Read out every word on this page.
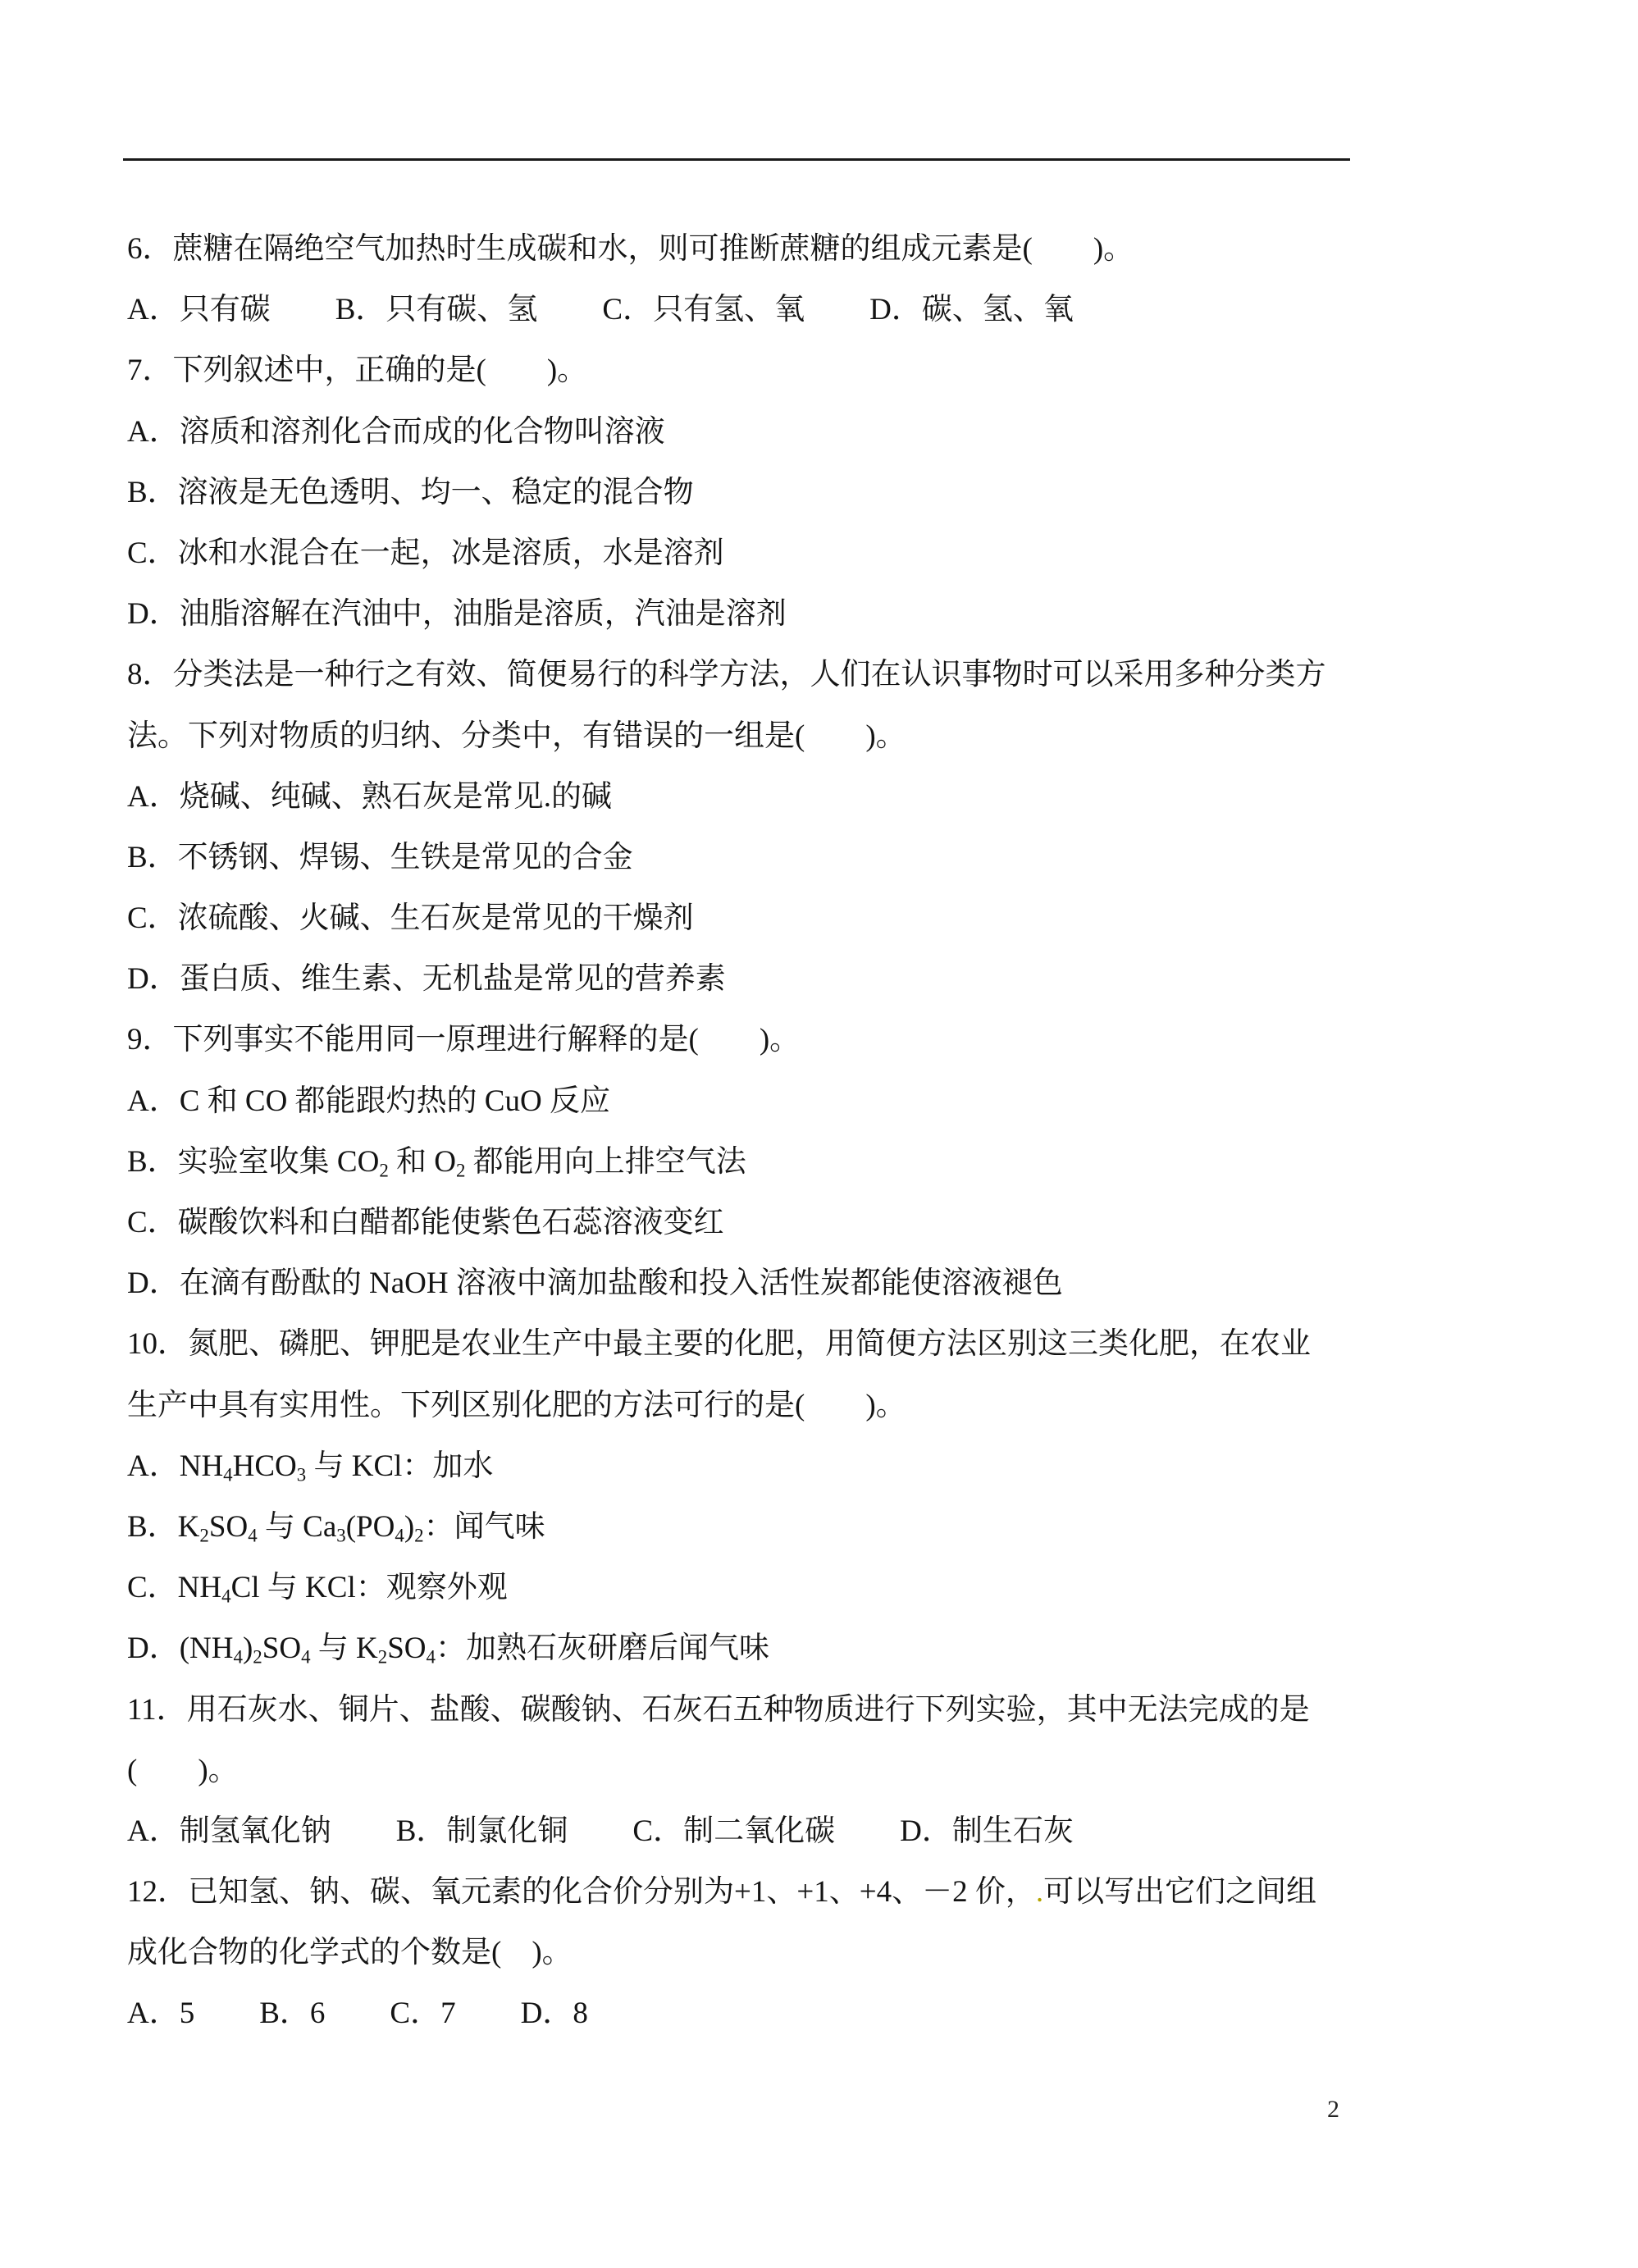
6．蔗糖在隔绝空气加热时生成碳和水，则可推断蔗糖的组成元素是(　　)。
A．只有碳 B．只有碳、氢 C．只有氢、氧 D．碳、氢、氧
7．下列叙述中，正确的是(　　)。
A．溶质和溶剂化合而成的化合物叫溶液
B．溶液是无色透明、均一、稳定的混合物
C．冰和水混合在一起，冰是溶质，水是溶剂
D．油脂溶解在汽油中，油脂是溶质，汽油是溶剂
8．分类法是一种行之有效、简便易行的科学方法，人们在认识事物时可以采用多种分类方
法。下列对物质的归纳、分类中，有错误的一组是(　　)。
A．烧碱、纯碱、熟石灰是常见.的碱
B．不锈钢、焊锡、生铁是常见的合金
C．浓硫酸、火碱、生石灰是常见的干燥剂
D．蛋白质、维生素、无机盐是常见的营养素
9．下列事实不能用同一原理进行解释的是(　　)。
A．C 和 CO 都能跟灼热的 CuO 反应
B．实验室收集 $CO_2$ 和 $O_2$ 都能用向上排空气法
C．碳酸饮料和白醋都能使紫色石蕊溶液变红
D．在滴有酚酞的 NaOH 溶液中滴加盐酸和投入活性炭都能使溶液褪色
10．氮肥、磷肥、钾肥是农业生产中最主要的化肥，用简便方法区别这三类化肥，在农业
生产中具有实用性。下列区别化肥的方法可行的是(　　)。
A．$NH_4HCO_3$ 与 KCl：加水
B．$K_2SO_4$ 与 $Ca_3(PO_4)_2$：闻气味
C．$NH_4Cl$ 与 KCl：观察外观
D．$(NH_4)_2SO_4$ 与 $K_2SO_4$：加熟石灰研磨后闻气味
11．用石灰水、铜片、盐酸、碳酸钠、石灰石五种物质进行下列实验，其中无法完成的是
(　　)。
A．制氢氧化钠 B．制氯化铜 C．制二氧化碳 D．制生石灰
12．已知氢、钠、碳、氧元素的化合价分别为+1、+1、+4、－2 价，.可以写出它们之间组
成化合物的化学式的个数是(　)。
A．5 B．6 C．7 D．8
2
